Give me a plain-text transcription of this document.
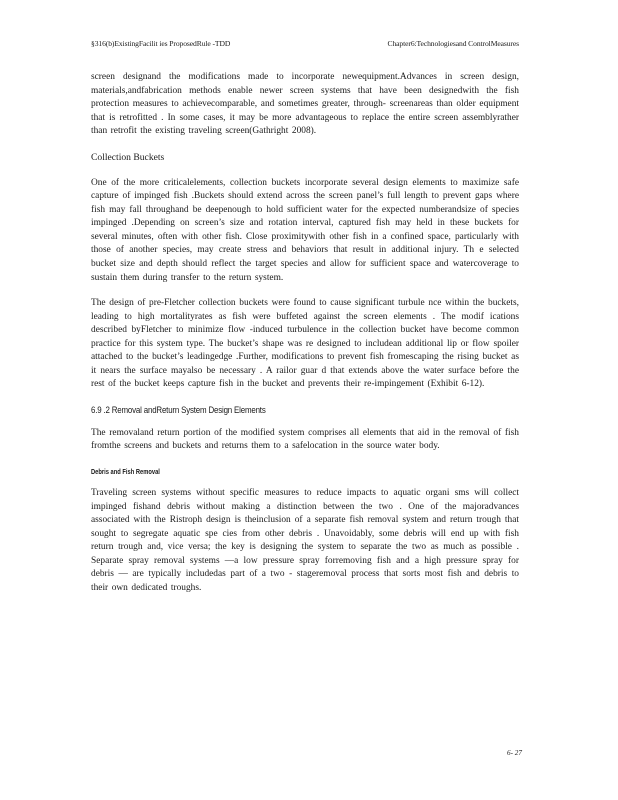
§316(b)ExistingFacilit ies ProposedRule -TDD	Chapter6:Technologiesand ControlMeasures

screen designand the modifications made to incorporate newequipment.Advances in screen design, materials,andfabrication methods enable newer screen systems that have been designedwith the fish protection measures to achievecomparable, and sometimes greater, through- screenareas than older equipment that is retrofitted . In some cases, it may be more advantageous to replace the entire screen assemblyrather than retrofit the existing traveling screen(Gathright 2008).

Collection Buckets

One of the more criticalelements, collection buckets incorporate several design elements to maximize safe capture of impinged fish .Buckets should extend across the screen panel’s full length to prevent gaps where fish may fall throughand be deepenough to hold sufficient water for the expected numberandsize of species impinged .Depending on screen’s size and rotation interval, captured fish may held in these buckets for several minutes, often with other fish. Close proximitywith other fish in a confined space, particularly with those of another species, may create stress and behaviors that result in additional injury. Th e selected bucket size and depth should reflect the target species and allow for sufficient space and watercoverage to sustain them during transfer to the return system.

The design of pre-Fletcher collection buckets were found to cause significant turbule nce within the buckets, leading to high mortalityrates as fish were buffeted against the screen elements . The modif ications described byFletcher to minimize flow -induced turbulence in the collection bucket have become common practice for this system type. The bucket’s shape was re designed to includean additional lip or flow spoiler attached to the bucket’s leadingedge .Further, modifications to prevent fish fromescaping the rising bucket as it nears the surface mayalso be necessary . A railor guar d that extends above the water surface before the rest of the bucket keeps capture fish in the bucket and prevents their re-impingement (Exhibit 6-12).

6.9 .2 Removal andReturn System Design Elements

The removaland return portion of the modified system comprises all elements that aid in the removal of fish fromthe screens and buckets and returns them to a safelocation in the source water body.

Debris and Fish Removal

Traveling screen systems without specific measures to reduce impacts to aquatic organi sms will collect impinged fishand debris without making a distinction between the two . One of the majoradvances associated with the Ristroph design is theinclusion of a separate fish removal system and return trough that sought to segregate aquatic spe cies from other debris . Unavoidably, some debris will end up with fish return trough and, vice versa; the key is designing the system to separate the two as much as possible . Separate spray removal systems —a low pressure spray forremoving fish and a high pressure spray for debris — are typically includedas part of a two - stageremoval process that sorts most fish and debris to their own dedicated troughs.

6- 27
